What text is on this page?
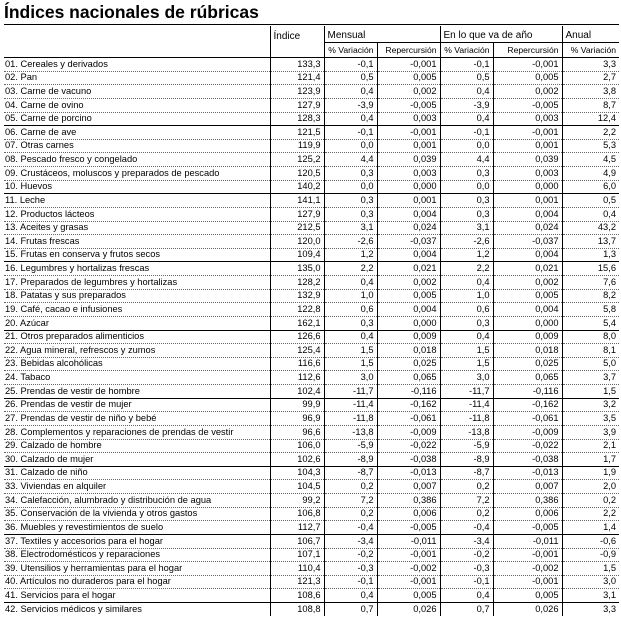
Índices nacionales de rúbricas
	Índice	Mensual		En lo que va de año		Anual
		% Variación	Repercursión	% Variación	Repercursión	% Variación
01. Cereales y derivados	133,3	-0,1	-0,001	-0,1	-0,001	3,3
02. Pan	121,4	0,5	0,005	0,5	0,005	2,7
03. Carne de vacuno	123,9	0,4	0,002	0,4	0,002	3,8
04. Carne de ovino	127,9	-3,9	-0,005	-3,9	-0,005	8,7
05. Carne de porcino	128,3	0,4	0,003	0,4	0,003	12,4
06. Carne de ave	121,5	-0,1	-0,001	-0,1	-0,001	2,2
07. Otras carnes	119,9	0,0	0,001	0,0	0,001	5,3
08. Pescado fresco y congelado	125,2	4,4	0,039	4,4	0,039	4,5
09. Crustáceos, moluscos y preparados de pescado	120,5	0,3	0,003	0,3	0,003	4,9
10. Huevos	140,2	0,0	0,000	0,0	0,000	6,0
11. Leche	141,1	0,3	0,001	0,3	0,001	0,5
12. Productos lácteos	127,9	0,3	0,004	0,3	0,004	0,4
13. Aceites y grasas	212,5	3,1	0,024	3,1	0,024	43,2
14. Frutas frescas	120,0	-2,6	-0,037	-2,6	-0,037	13,7
15. Frutas en conserva y frutos secos	109,4	1,2	0,004	1,2	0,004	1,3
16. Legumbres y hortalizas frescas	135,0	2,2	0,021	2,2	0,021	15,6
17. Preparados de legumbres y hortalizas	128,2	0,4	0,002	0,4	0,002	7,6
18. Patatas y sus preparados	132,9	1,0	0,005	1,0	0,005	8,2
19. Café, cacao e infusiones	122,8	0,6	0,004	0,6	0,004	5,8
20. Azúcar	162,1	0,3	0,000	0,3	0,000	5,4
21. Otros preparados alimenticios	126,6	0,4	0,009	0,4	0,009	8,0
22. Agua mineral, refrescos y zumos	125,4	1,5	0,018	1,5	0,018	8,1
23. Bebidas alcohólicas	116,6	1,5	0,025	1,5	0,025	5,0
24. Tabaco	112,6	3,0	0,065	3,0	0,065	3,7
25. Prendas de vestir de hombre	102,4	-11,7	-0,116	-11,7	-0,116	1,5
26. Prendas de vestir de mujer	99,9	-11,4	-0,162	-11,4	-0,162	3,2
27. Prendas de vestir de niño y bebé	96,9	-11,8	-0,061	-11,8	-0,061	3,5
28. Complementos y reparaciones de prendas de vestir	96,6	-13,8	-0,009	-13,8	-0,009	3,9
29. Calzado de hombre	106,0	-5,9	-0,022	-5,9	-0,022	2,1
30. Calzado de mujer	102,6	-8,9	-0,038	-8,9	-0,038	1,7
31. Calzado de niño	104,3	-8,7	-0,013	-8,7	-0,013	1,9
33. Viviendas en alquiler	104,5	0,2	0,007	0,2	0,007	2,0
34. Calefacción, alumbrado y distribución de agua	99,2	7,2	0,386	7,2	0,386	0,2
35. Conservación de la vivienda y otros gastos	106,8	0,2	0,006	0,2	0,006	2,2
36. Muebles y revestimientos de suelo	112,7	-0,4	-0,005	-0,4	-0,005	1,4
37. Textiles y accesorios para el hogar	106,7	-3,4	-0,011	-3,4	-0,011	-0,6
38. Electrodomésticos y reparaciones	107,1	-0,2	-0,001	-0,2	-0,001	-0,9
39. Utensilios y herramientas para el hogar	110,4	-0,3	-0,002	-0,3	-0,002	1,5
40. Artículos no duraderos para el hogar	121,3	-0,1	-0,001	-0,1	-0,001	3,0
41. Servicios para el hogar	108,6	0,4	0,005	0,4	0,005	3,1
42. Servicios médicos y similares	108,8	0,7	0,026	0,7	0,026	3,3
